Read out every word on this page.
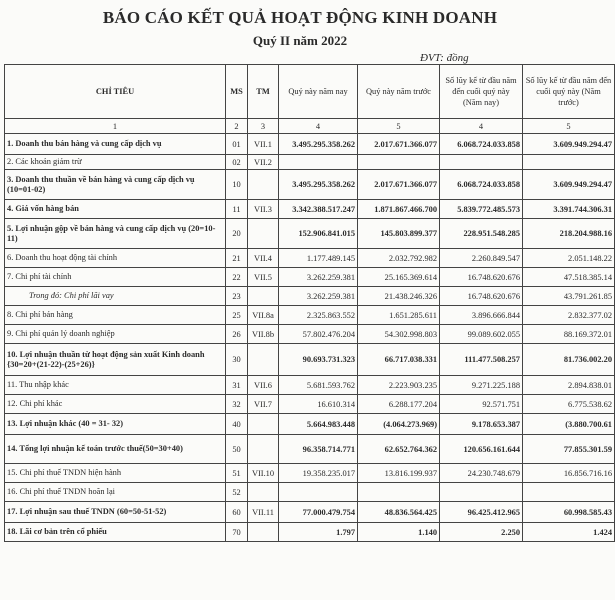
BÁO CÁO KẾT QUẢ HOẠT ĐỘNG KINH DOANH
Quý II năm 2022
ĐVT: đồng
CHỈ TIÊU	MS	TM	Quý này năm nay	Quý này năm trước	Số lũy kế từ đầu năm đến cuối quý này (Năm nay)	Số lũy kế từ đầu năm đến cuối quý này (Năm trước)
1	2	3	4	5	4	5
1. Doanh thu bán hàng và cung cấp dịch vụ	01	VII.1	3.495.295.358.262	2.017.671.366.077	6.068.724.033.858	3.609.949.294.47
2. Các khoản giảm trừ	02	VII.2				
3. Doanh thu thuần về bán hàng và cung cấp dịch vụ (10=01-02)	10		3.495.295.358.262	2.017.671.366.077	6.068.724.033.858	3.609.949.294.47
4. Giá vốn hàng bán	11	VII.3	3.342.388.517.247	1.871.867.466.700	5.839.772.485.573	3.391.744.306.31
5. Lợi nhuận gộp về bán hàng và cung cấp dịch vụ (20=10-11)	20		152.906.841.015	145.803.899.377	228.951.548.285	218.204.988.16
6. Doanh thu hoạt động tài chính	21	VII.4	1.177.489.145	2.032.792.982	2.260.849.547	2.051.148.22
7. Chi phí tài chính	22	VII.5	3.262.259.381	25.165.369.614	16.748.620.676	47.518.385.14
Trong đó: Chi phí lãi vay	23		3.262.259.381	21.438.246.326	16.748.620.676	43.791.261.85
8. Chi phí bán hàng	25	VII.8a	2.325.863.552	1.651.285.611	3.896.666.844	2.832.377.02
9. Chi phí quản lý doanh nghiệp	26	VII.8b	57.802.476.204	54.302.998.803	99.089.602.055	88.169.372.01
10. Lợi nhuận thuần từ hoạt động sản xuất Kinh doanh {30=20+(21-22)-(25+26)}	30		90.693.731.323	66.717.038.331	111.477.508.257	81.736.002.20
11. Thu nhập khác	31	VII.6	5.681.593.762	2.223.903.235	9.271.225.188	2.894.838.01
12. Chi phí khác	32	VII.7	16.610.314	6.288.177.204	92.571.751	6.775.538.62
13. Lợi nhuận khác (40 = 31- 32)	40		5.664.983.448	(4.064.273.969)	9.178.653.387	(3.880.700.61
14. Tổng lợi nhuận kế toán trước thuế(50=30+40)	50		96.358.714.771	62.652.764.362	120.656.161.644	77.855.301.59
15. Chi phí thuế TNDN hiện hành	51	VII.10	19.358.235.017	13.816.199.937	24.230.748.679	16.856.716.16
16. Chi phí thuế TNDN hoãn lại	52					
17. Lợi nhuận sau thuế TNDN (60=50-51-52)	60	VII.11	77.000.479.754	48.836.564.425	96.425.412.965	60.998.585.43
18. Lãi cơ bản trên cổ phiếu	70		1.797	1.140	2.250	1.424
